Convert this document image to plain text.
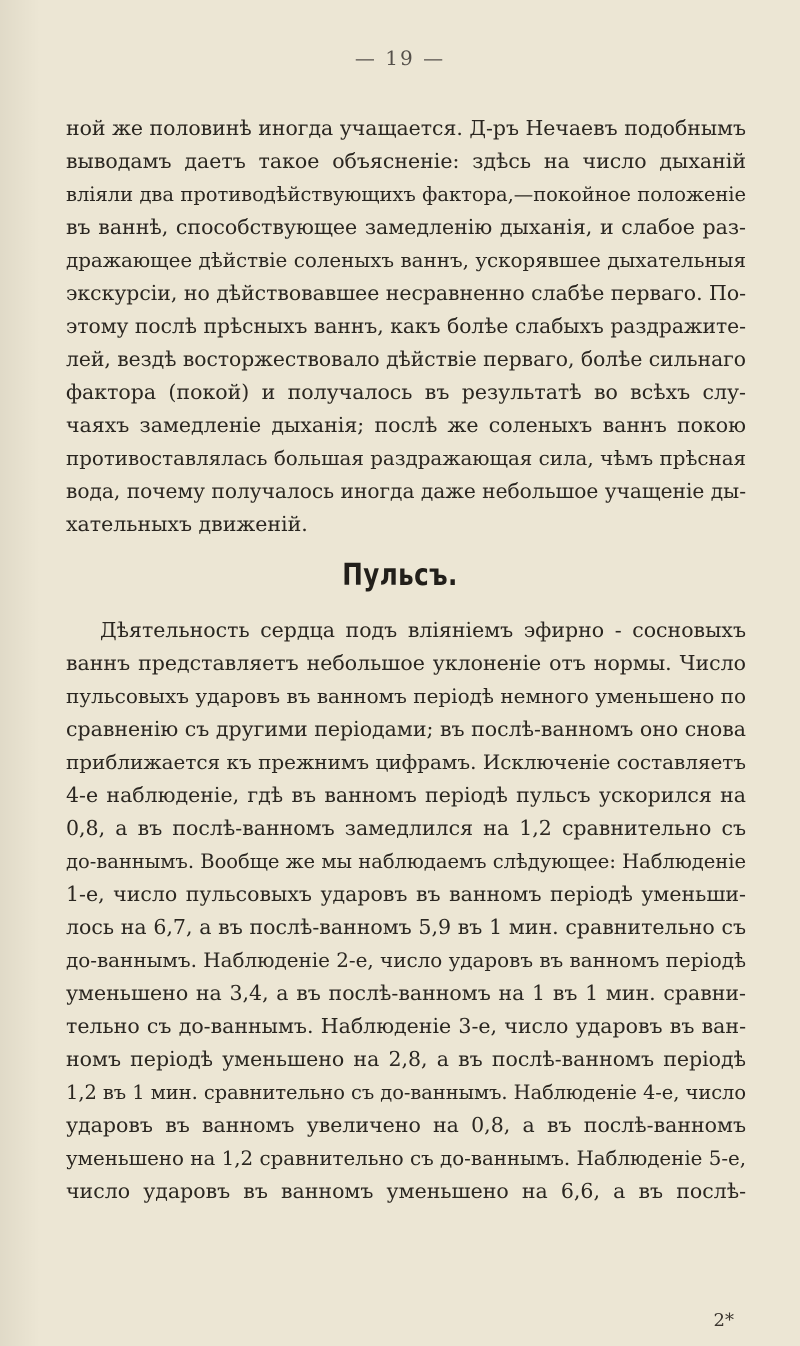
— 19 —
ной же половинѣ иногда учащается. Д-ръ Нечаевъ подобнымъ
выводамъ даетъ такое объясненіе: здѣсь на число дыханій
вліяли два противодѣйствующихъ фактора,—покойное положеніе
въ ваннѣ, способствующее замедленію дыханія, и слабое раз-
дражающее дѣйствіе соленыхъ ваннъ, ускорявшее дыхательныя
экскурсіи, но дѣйствовавшее несравненно слабѣе перваго. По-
этому послѣ прѣсныхъ ваннъ, какъ болѣе слабыхъ раздражите-
лей, вездѣ восторжествовало дѣйствіе перваго, болѣе сильнаго
фактора (покой) и получалось въ результатѣ во всѣхъ слу-
чаяхъ замедленіе дыханія; послѣ же соленыхъ ваннъ покою
противоставлялась большая раздражающая сила, чѣмъ прѣсная
вода, почему получалось иногда даже небольшое учащеніе ды-
хательныхъ движеній.
Пульсъ.
Дѣятельность сердца подъ вліяніемъ эфирно - сосновыхъ
ваннъ представляетъ небольшое уклоненіе отъ нормы. Число
пульсовыхъ ударовъ въ ванномъ періодѣ немного уменьшено по
сравненію съ другими періодами; въ послѣ-ванномъ оно снова
приближается къ прежнимъ цифрамъ. Исключеніе составляетъ
4-е наблюденіе, гдѣ въ ванномъ періодѣ пульсъ ускорился на
0,8, а въ послѣ-ванномъ замедлился на 1,2 сравнительно съ
до-ваннымъ. Вообще же мы наблюдаемъ слѣдующее: Наблюденіе
1-е, число пульсовыхъ ударовъ въ ванномъ періодѣ уменьши-
лось на 6,7, а въ послѣ-ванномъ 5,9 въ 1 мин. сравнительно съ
до-ваннымъ. Наблюденіе 2-е, число ударовъ въ ванномъ періодѣ
уменьшено на 3,4, а въ послѣ-ванномъ на 1 въ 1 мин. сравни-
тельно съ до-ваннымъ. Наблюденіе 3-е, число ударовъ въ ван-
номъ періодѣ уменьшено на 2,8, а въ послѣ-ванномъ періодѣ
1,2 въ 1 мин. сравнительно съ до-ваннымъ. Наблюденіе 4-е, число
ударовъ въ ванномъ увеличено на 0,8, а въ послѣ-ванномъ
уменьшено на 1,2 сравнительно съ до-ваннымъ. Наблюденіе 5-е,
число ударовъ въ ванномъ уменьшено на 6,6, а въ послѣ-
2*
